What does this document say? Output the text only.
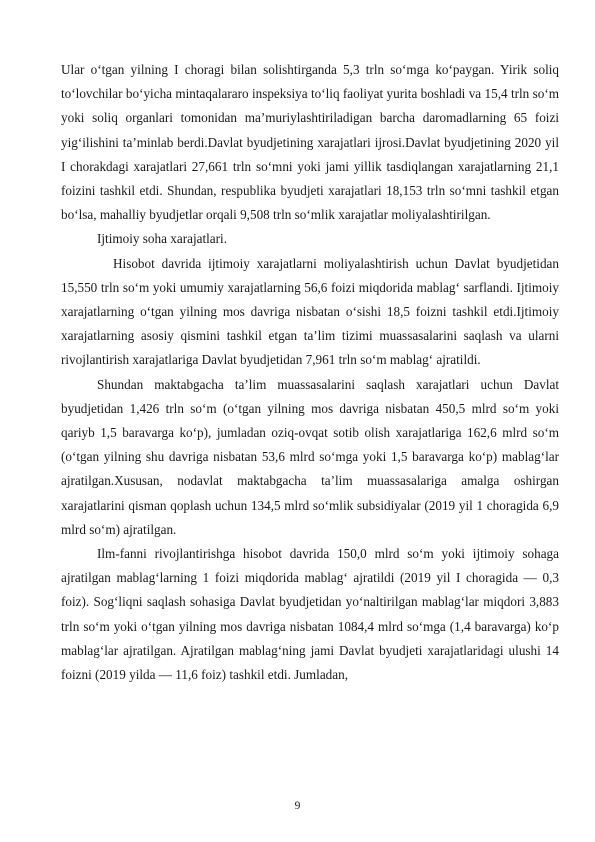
Ular o‘tgan yilning I choragi bilan solishtirganda 5,3 trln so‘mga ko‘paygan. Yirik soliq to‘lovchilar bo‘yicha mintaqalararo inspeksiya to‘liq faoliyat yurita boshladi va 15,4 trln so‘m yoki soliq organlari tomonidan ma’muriylashtiriladigan barcha daromadlarning 65 foizi yig‘ilishini ta’minlab berdi.Davlat byudjetining xarajatlari ijrosi.Davlat byudjetining 2020 yil I chorakdagi xarajatlari 27,661 trln so‘mni yoki jami yillik tasdiqlangan xarajatlarning 21,1 foizini tashkil etdi. Shundan, respublika byudjeti xarajatlari 18,153 trln so‘mni tashkil etgan bo‘lsa, mahalliy byudjetlar orqali 9,508 trln so‘mlik xarajatlar moliyalashtirilgan.

Ijtimoiy soha xarajatlari.

Hisobot davrida ijtimoiy xarajatlarni moliyalashtirish uchun Davlat byudjetidan 15,550 trln so‘m yoki umumiy xarajatlarning 56,6 foizi miqdorida mablag‘ sarflandi. Ijtimoiy xarajatlarning o‘tgan yilning mos davriga nisbatan o‘sishi 18,5 foizni tashkil etdi.Ijtimoiy xarajatlarning asosiy qismini tashkil etgan ta’lim tizimi muassasalarini saqlash va ularni rivojlantirish xarajatlariga Davlat byudjetidan 7,961 trln so‘m mablag‘ ajratildi.

Shundan maktabgacha ta’lim muassasalarini saqlash xarajatlari uchun Davlat byudjetidan 1,426 trln so‘m (o‘tgan yilning mos davriga nisbatan 450,5 mlrd so‘m yoki qariyb 1,5 baravarga ko‘p), jumladan oziq-ovqat sotib olish xarajatlariga 162,6 mlrd so‘m (o‘tgan yilning shu davriga nisbatan 53,6 mlrd so‘mga yoki 1,5 baravarga ko‘p) mablag‘lar ajratilgan.Xususan, nodavlat maktabgacha ta’lim muassasalariga amalga oshirgan xarajatlarini qisman qoplash uchun 134,5 mlrd so‘mlik subsidiyalar (2019 yil 1 choragida 6,9 mlrd so‘m) ajratilgan.

Ilm-fanni rivojlantirishga hisobot davrida 150,0 mlrd so‘m yoki ijtimoiy sohaga ajratilgan mablag‘larning 1 foizi miqdorida mablag‘ ajratildi (2019 yil I choragida — 0,3 foiz). Sog‘liqni saqlash sohasiga Davlat byudjetidan yo‘naltirilgan mablag‘lar miqdori 3,883 trln so‘m yoki o‘tgan yilning mos davriga nisbatan 1084,4 mlrd so‘mga (1,4 baravarga) ko‘p mablag‘lar ajratilgan. Ajratilgan mablag‘ning jami Davlat byudjeti xarajatlaridagi ulushi 14 foizni (2019 yilda — 11,6 foiz) tashkil etdi. Jumladan,

9
